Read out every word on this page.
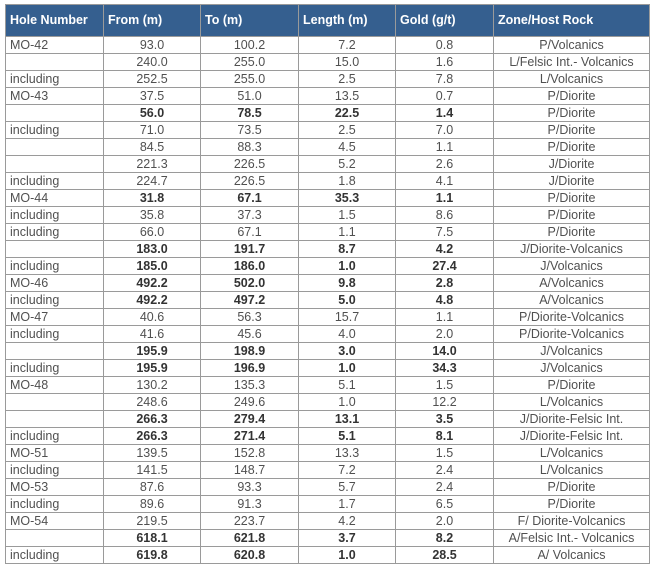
Hole Number	From (m)	To (m)	Length (m)	Gold (g/t)	Zone/Host Rock
MO-42	93.0	100.2	7.2	0.8	P/Volcanics
	240.0	255.0	15.0	1.6	L/Felsic Int.- Volcanics
including	252.5	255.0	2.5	7.8	L/Volcanics
MO-43	37.5	51.0	13.5	0.7	P/Diorite
	56.0	78.5	22.5	1.4	P/Diorite
including	71.0	73.5	2.5	7.0	P/Diorite
	84.5	88.3	4.5	1.1	P/Diorite
	221.3	226.5	5.2	2.6	J/Diorite
including	224.7	226.5	1.8	4.1	J/Diorite
MO-44	31.8	67.1	35.3	1.1	P/Diorite
including	35.8	37.3	1.5	8.6	P/Diorite
including	66.0	67.1	1.1	7.5	P/Diorite
	183.0	191.7	8.7	4.2	J/Diorite-Volcanics
including	185.0	186.0	1.0	27.4	J/Volcanics
MO-46	492.2	502.0	9.8	2.8	A/Volcanics
including	492.2	497.2	5.0	4.8	A/Volcanics
MO-47	40.6	56.3	15.7	1.1	P/Diorite-Volcanics
including	41.6	45.6	4.0	2.0	P/Diorite-Volcanics
	195.9	198.9	3.0	14.0	J/Volcanics
including	195.9	196.9	1.0	34.3	J/Volcanics
MO-48	130.2	135.3	5.1	1.5	P/Diorite
	248.6	249.6	1.0	12.2	L/Volcanics
	266.3	279.4	13.1	3.5	J/Diorite-Felsic Int.
including	266.3	271.4	5.1	8.1	J/Diorite-Felsic Int.
MO-51	139.5	152.8	13.3	1.5	L/Volcanics
including	141.5	148.7	7.2	2.4	L/Volcanics
MO-53	87.6	93.3	5.7	2.4	P/Diorite
including	89.6	91.3	1.7	6.5	P/Diorite
MO-54	219.5	223.7	4.2	2.0	F/ Diorite-Volcanics
	618.1	621.8	3.7	8.2	A/Felsic Int.- Volcanics
including	619.8	620.8	1.0	28.5	A/ Volcanics
